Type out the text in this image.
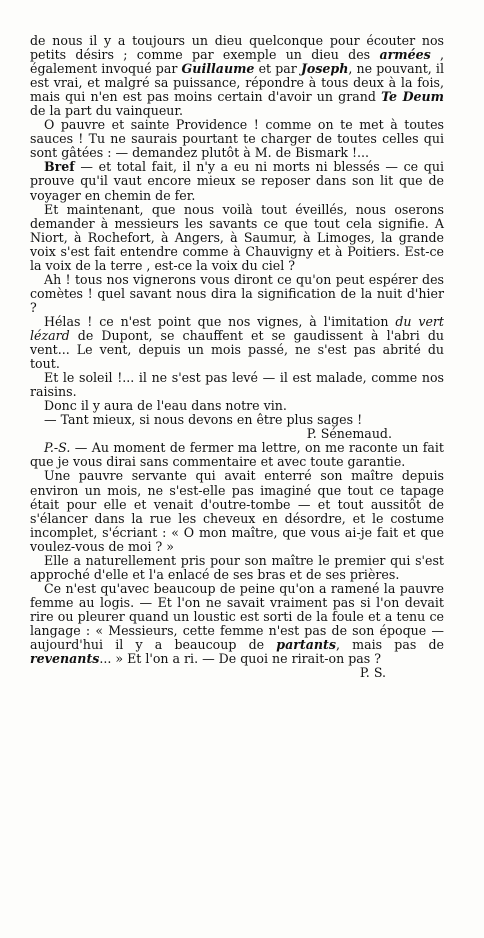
de nous il y a toujours un dieu quelconque pour écouter nos petits désirs ; comme par exemple un dieu des armées , également invoqué par Guillaume et par Joseph, ne pouvant, il est vrai, et malgré sa puissance, répondre à tous deux à la fois, mais qui n'en est pas moins certain d'avoir un grand Te Deum de la part du vainqueur.

O pauvre et sainte Providence ! comme on te met à toutes sauces ! Tu ne saurais pourtant te charger de toutes celles qui sont gâtées : — demandez plutôt à M. de Bismark !...

Bref — et total fait, il n'y a eu ni morts ni blessés — ce qui prouve qu'il vaut encore mieux se reposer dans son lit que de voyager en chemin de fer.

Et maintenant, que nous voilà tout éveillés, nous oserons demander à messieurs les savants ce que tout cela signifie. A Niort, à Rochefort, à Angers, à Saumur, à Limoges, la grande voix s'est fait entendre comme à Chauvigny et à Poitiers. Est-ce la voix de la terre , est-ce la voix du ciel ?

Ah ! tous nos vignerons vous diront ce qu'on peut espérer des comètes ! quel savant nous dira la signification de la nuit d'hier ?

Hélas ! ce n'est point que nos vignes, à l'imitation du vert lézard de Dupont, se chauffent et se gaudissent à l'abri du vent... Le vent, depuis un mois passé, ne s'est pas abrité du tout.

Et le soleil !... il ne s'est pas levé — il est malade, comme nos raisins.

Donc il y aura de l'eau dans notre vin.

— Tant mieux, si nous devons en être plus sages !

P. Sénemaud.

P.-S. — Au moment de fermer ma lettre, on me raconte un fait que je vous dirai sans commentaire et avec toute garantie.

Une pauvre servante qui avait enterré son maître depuis environ un mois, ne s'est-elle pas imaginé que tout ce tapage était pour elle et venait d'outre-tombe — et tout aussitôt de s'élancer dans la rue les cheveux en désordre, et le costume incomplet, s'écriant : « O mon maître, que vous ai-je fait et que voulez-vous de moi ? »

Elle a naturellement pris pour son maître le premier qui s'est approché d'elle et l'a enlacé de ses bras et de ses prières.

Ce n'est qu'avec beaucoup de peine qu'on a ramené la pauvre femme au logis. — Et l'on ne savait vraiment pas si l'on devait rire ou pleurer quand un loustic est sorti de la foule et a tenu ce langage : « Messieurs, cette femme n'est pas de son époque — aujourd'hui il y a beaucoup de partants, mais pas de revenants... » Et l'on a ri. — De quoi ne rirait-on pas ?

P. S.
